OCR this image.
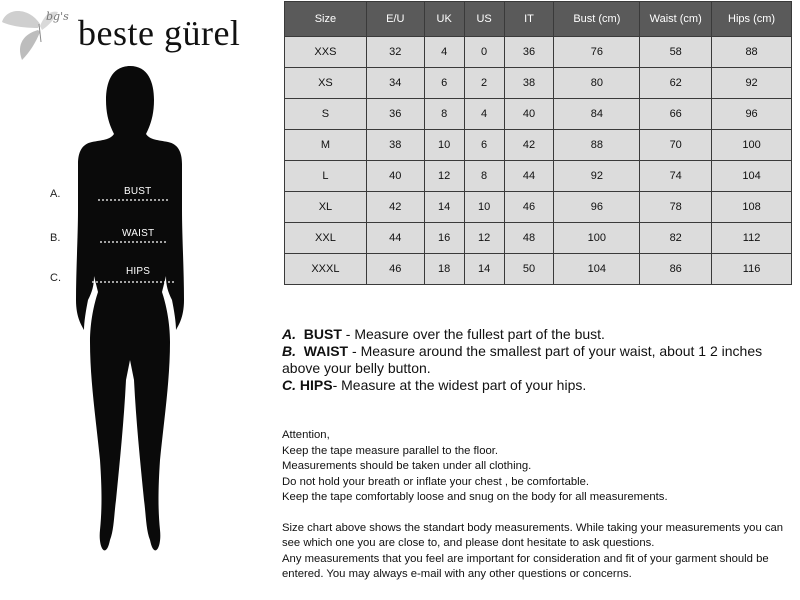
bg's beste gürel
A.	BUST
B.	WAIST
C.
HIPS
Size	E/U	UK	US	IT	Bust (cm)	Waist (cm)	Hips (cm)
XXS	32	4	0	36	76	58	88
XS	34	6	2	38	80	62	92
S	36	8	4	40	84	66	96
M	38	10	6	42	88	70	100
L	40	12	8	44	92	74	104
XL	42	14	10	46	96	78	108
XXL	44	16	12	48	100	82	112
XXXL	46	18	14	50	104	86	116

A. BUST - Measure over the fullest part of the bust.

B. WAIST - Measure around the smallest part of your waist, about 1 2 inches above your belly button.

C. HIPS- Measure at the widest part of your hips.

Attention,

Keep the tape measure parallel to the floor.

Measurements should be taken under all clothing.

Do not hold your breath or inflate your chest , be comfortable.

Keep the tape comfortably loose and snug on the body for all measurements.

Size chart above shows the standart body measurements. While taking your measurements you can see which one you are close to, and please dont hesitate to ask questions.

Any measurements that you feel are important for consideration and fit of your garment should be entered. You may always e-mail with any other questions or concerns.
